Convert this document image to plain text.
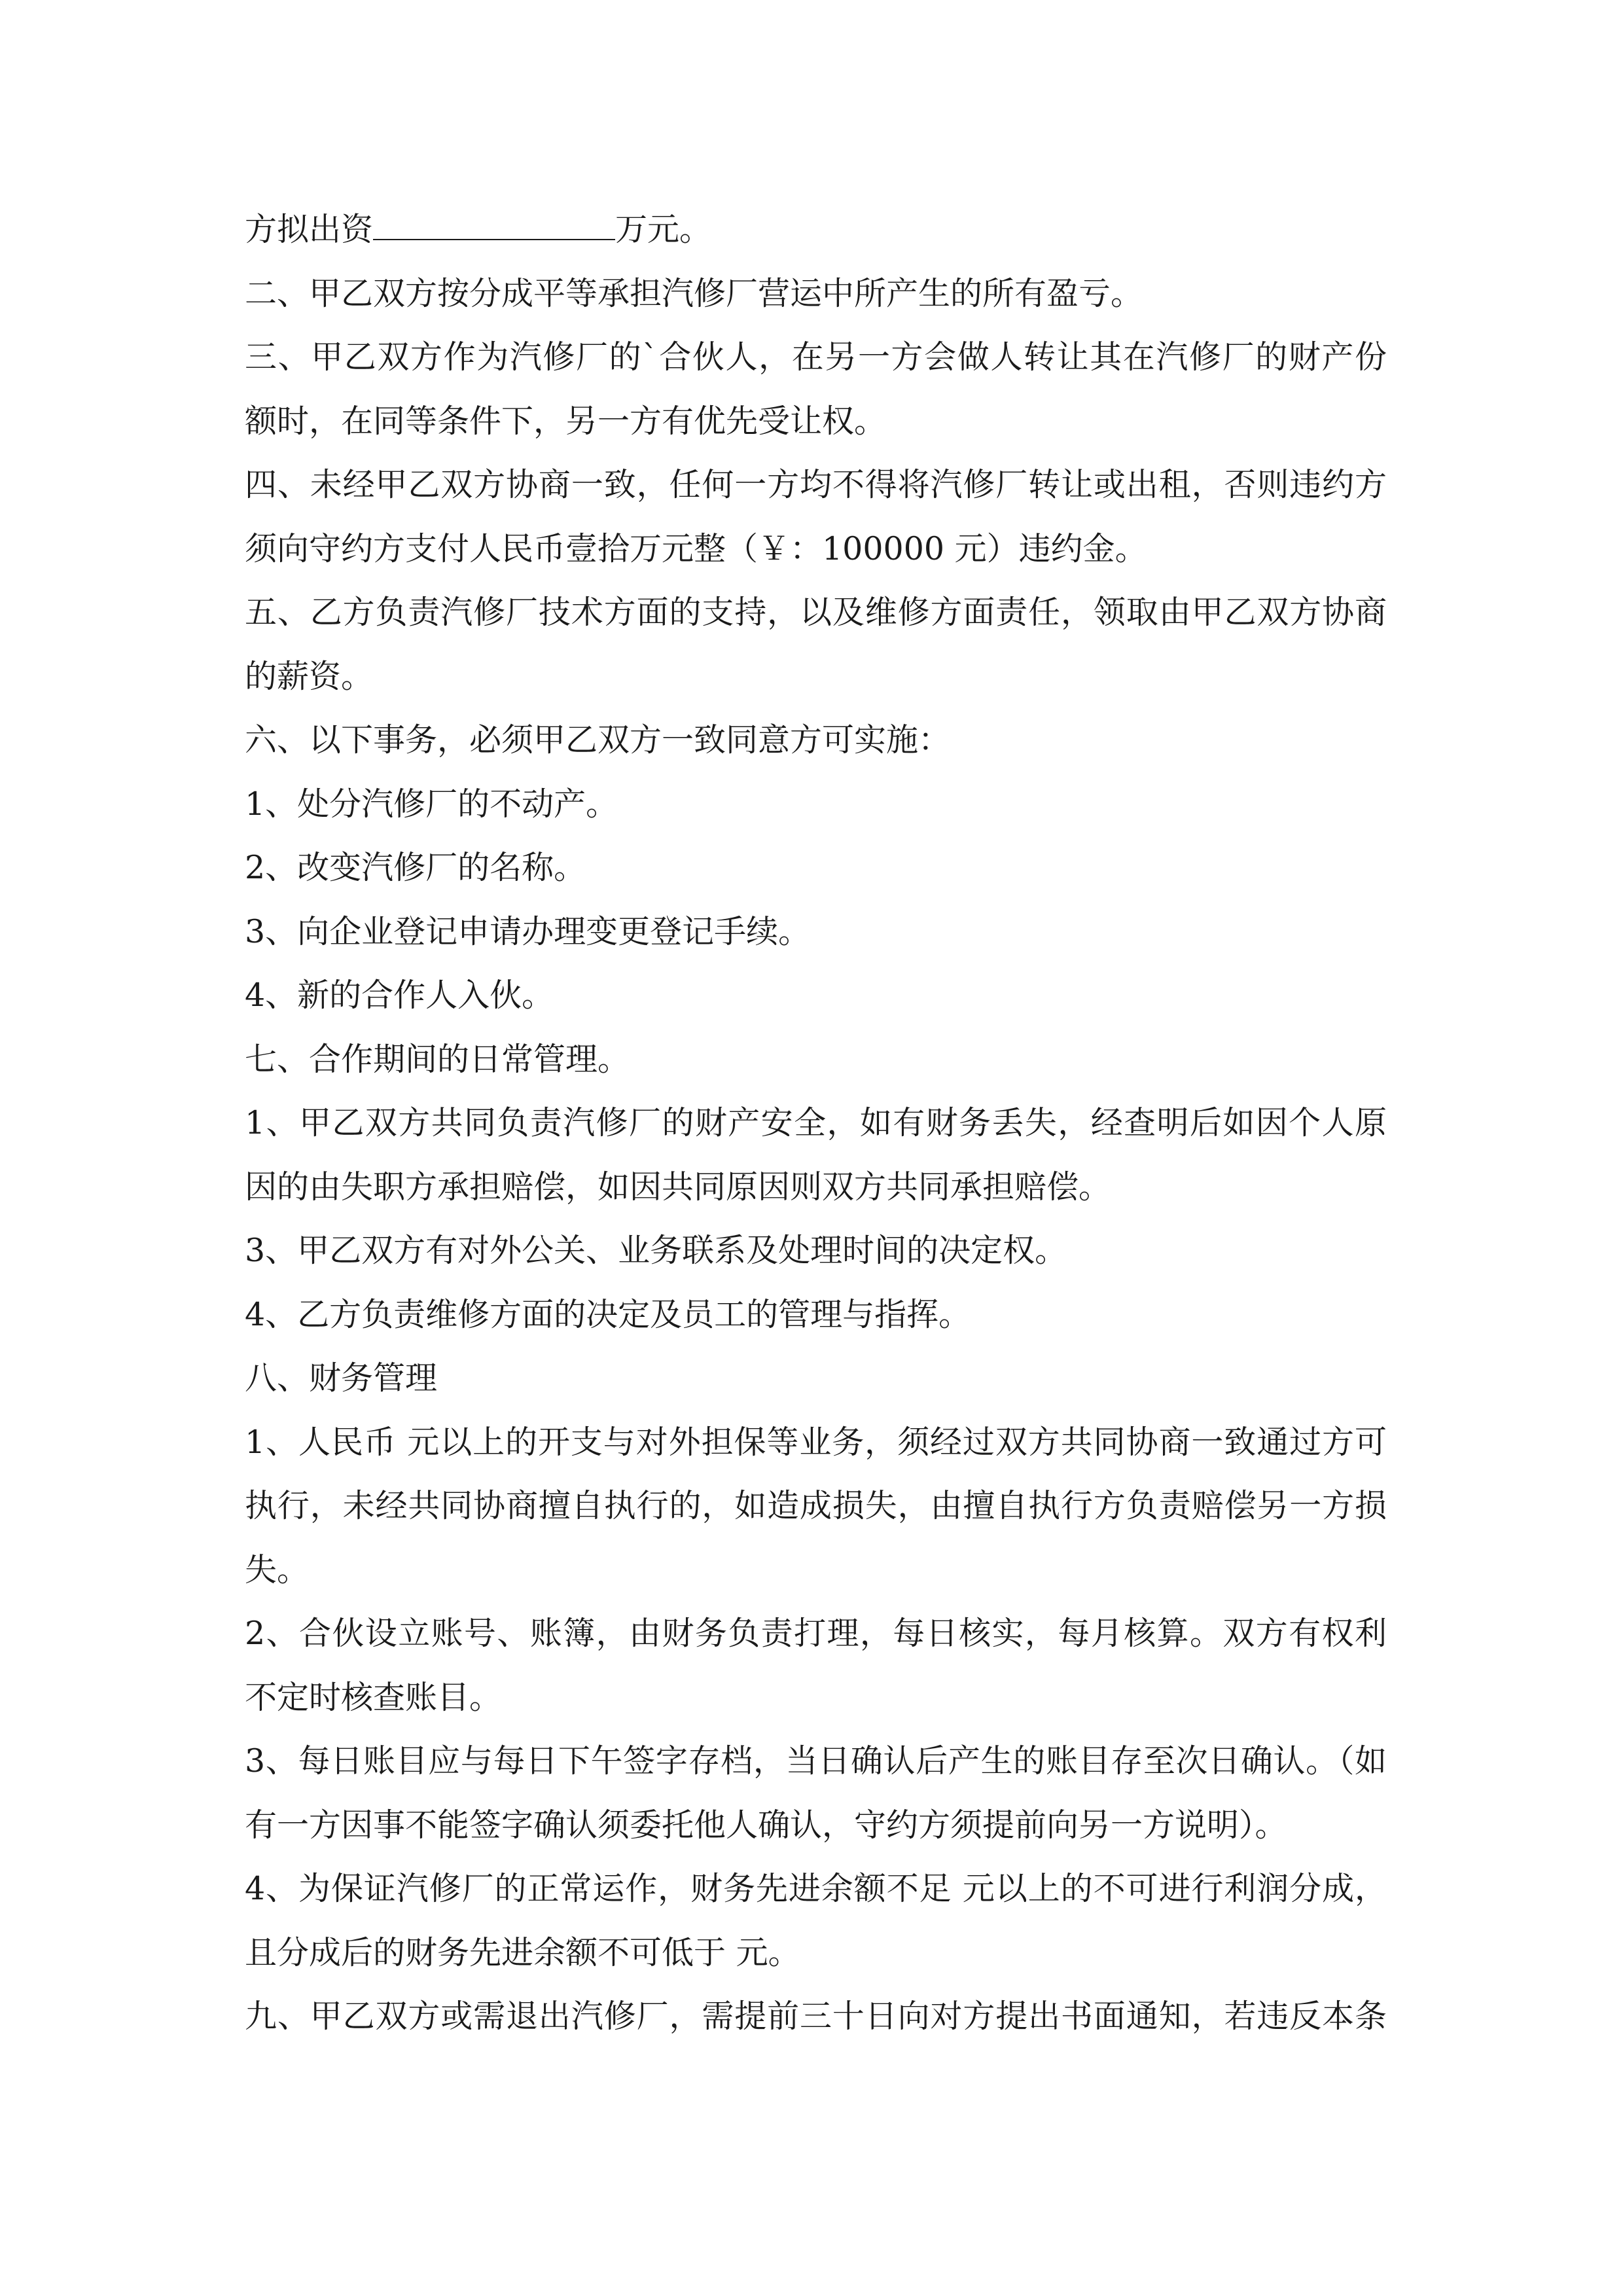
方拟出资	万元。
二、甲乙双方按分成平等承担汽修厂营运中所产生的所有盈亏。
三、甲乙双方作为汽修厂的`合伙人，在另一方会做人转让其在汽修厂的财产份
额时，在同等条件下，另一方有优先受让权。
四、未经甲乙双方协商一致，任何一方均不得将汽修厂转让或出租，否则违约方
须向守约方支付人民币壹拾万元整（￥：100000 元）违约金。
五、乙方负责汽修厂技术方面的支持，以及维修方面责任，领取由甲乙双方协商
的薪资。
六、以下事务，必须甲乙双方一致同意方可实施：
1、处分汽修厂的不动产。
2、改变汽修厂的名称。
3、向企业登记申请办理变更登记手续。
4、新的合作人入伙。
七、合作期间的日常管理。
1、甲乙双方共同负责汽修厂的财产安全，如有财务丢失，经查明后如因个人原
因的由失职方承担赔偿，如因共同原因则双方共同承担赔偿。
3、甲乙双方有对外公关、业务联系及处理时间的决定权。
4、乙方负责维修方面的决定及员工的管理与指挥。
八、财务管理
1、人民币 元以上的开支与对外担保等业务，须经过双方共同协商一致通过方可
执行，未经共同协商擅自执行的，如造成损失，由擅自执行方负责赔偿另一方损
失。
2、合伙设立账号、账簿，由财务负责打理，每日核实，每月核算。双方有权利
不定时核查账目。
3、每日账目应与每日下午签字存档，当日确认后产生的账目存至次日确认。（如
有一方因事不能签字确认须委托他人确认，守约方须提前向另一方说明）。
4、为保证汽修厂的正常运作，财务先进余额不足 元以上的不可进行利润分成，
且分成后的财务先进余额不可低于 元。
九、甲乙双方或需退出汽修厂，需提前三十日向对方提出书面通知，若违反本条
